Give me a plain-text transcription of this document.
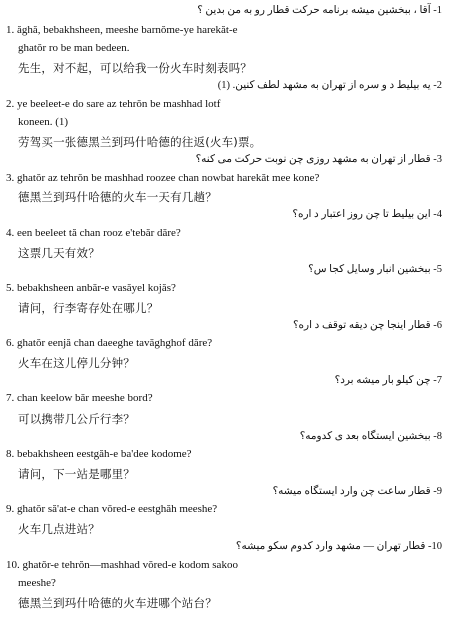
1- آقا ، ببخشین میشه برنامه‌ حرکت قطار رو به من بدین ؟
1. ăghă, bebakhsheen, meeshe barnŏme-ye harekăt-e
ghatŏr ro be man bedeen.
先生，对不起，可以给我一份火车时刻表吗？
2- یه بیلیط د و سره از تهران به مشهد لطف کنین. (1)
2. ye beeleet-e do sare az tehrŏn be mashhad lotf
koneen. (1)
劳驾买一张德黑兰到玛什哈德的往返(火车)票。
3- قطار از تهران به مشهد روزی چن نوبت حرکت می کنه؟
3. ghatŏr az tehrŏn be mashhad roozee chan nowbat harekăt mee kone?
德黑兰到玛什哈德的火车一天有几趟？
4- این بیلیط تا چن روز اعتبار د اره؟
4. een beeleet tă chan rooz e'tebăr dăre?
这票几天有效？
5- ببخشین انبار وسایل کجا س؟
5. bebakhsheen anbăr-e vasăyel kojăs?
请问，行李寄存处在哪儿？
6- قطار اینجا چن دیقه توقف د اره؟
6. ghatŏr eenjă chan daeeghe tavăghghof dăre?
火车在这儿停儿分钟？
7- چن کیلو بار میشه برد؟
7. chan keelow băr meeshe bord?
可以携带几公斤行李？
8- ببخشین ایستگاه بعد ی کدومه؟
8. bebakhsheen eestgăh-e ba'dee kodome?
请问，下一站是哪里？
9- قطار ساعت چن وارد ایستگاه میشه؟
9. ghatŏr să'at-e chan vŏred-e eestghăh meeshe?
火车几点进站？
10- قطار تهران — مشهد وارد کدوم سکو میشه؟
10. ghatŏr-e tehrŏn—mashhad vŏred-e kodom sakoo
meeshe?
德黑兰到玛什哈德的火车进哪个站台？
